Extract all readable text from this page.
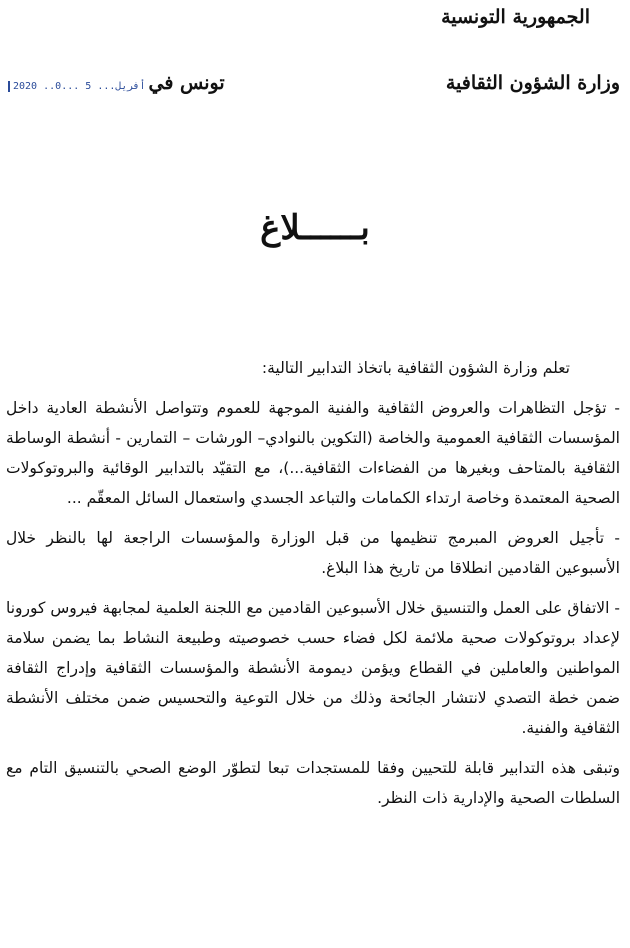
الجمهورية التونسية
وزارة الشؤون الثقافية
تونس في
2020 ..أفريل... 5 ...0
بــــــلاغ

تعلم وزارة الشؤون الثقافية باتخاذ التدابير التالية:

- تؤجل التظاهرات والعروض الثقافية والفنية الموجهة للعموم وتتواصل الأنشطة العادية داخل المؤسسات الثقافية العمومية والخاصة (التكوين بالنوادي– الورشات – التمارين - أنشطة الوساطة الثقافية بالمتاحف وبغيرها من الفضاءات الثقافية...)، مع التقيّد بالتدابير الوقائية والبروتوكولات الصحية المعتمدة وخاصة ارتداء الكمامات والتباعد الجسدي واستعمال السائل المعقّم ...

- تأجيل العروض المبرمج تنظيمها من قبل الوزارة والمؤسسات الراجعة لها بالنظر خلال الأسبوعين القادمين انطلاقا من تاريخ هذا البلاغ.

- الاتفاق على العمل والتنسيق خلال الأسبوعين القادمين مع اللجنة العلمية لمجابهة فيروس كورونا لإعداد بروتوكولات صحية ملائمة لكل فضاء حسب خصوصيته وطبيعة النشاط بما يضمن سلامة المواطنين والعاملين في القطاع ويؤمن ديمومة الأنشطة والمؤسسات الثقافية وإدراج الثقافة ضمن خطة التصدي لانتشار الجائحة وذلك من خلال التوعية والتحسيس ضمن مختلف الأنشطة الثقافية والفنية.

وتبقى هذه التدابير قابلة للتحيين وفقا للمستجدات تبعا لتطوّر الوضع الصحي بالتنسيق التام مع السلطات الصحية والإدارية ذات النظر.
